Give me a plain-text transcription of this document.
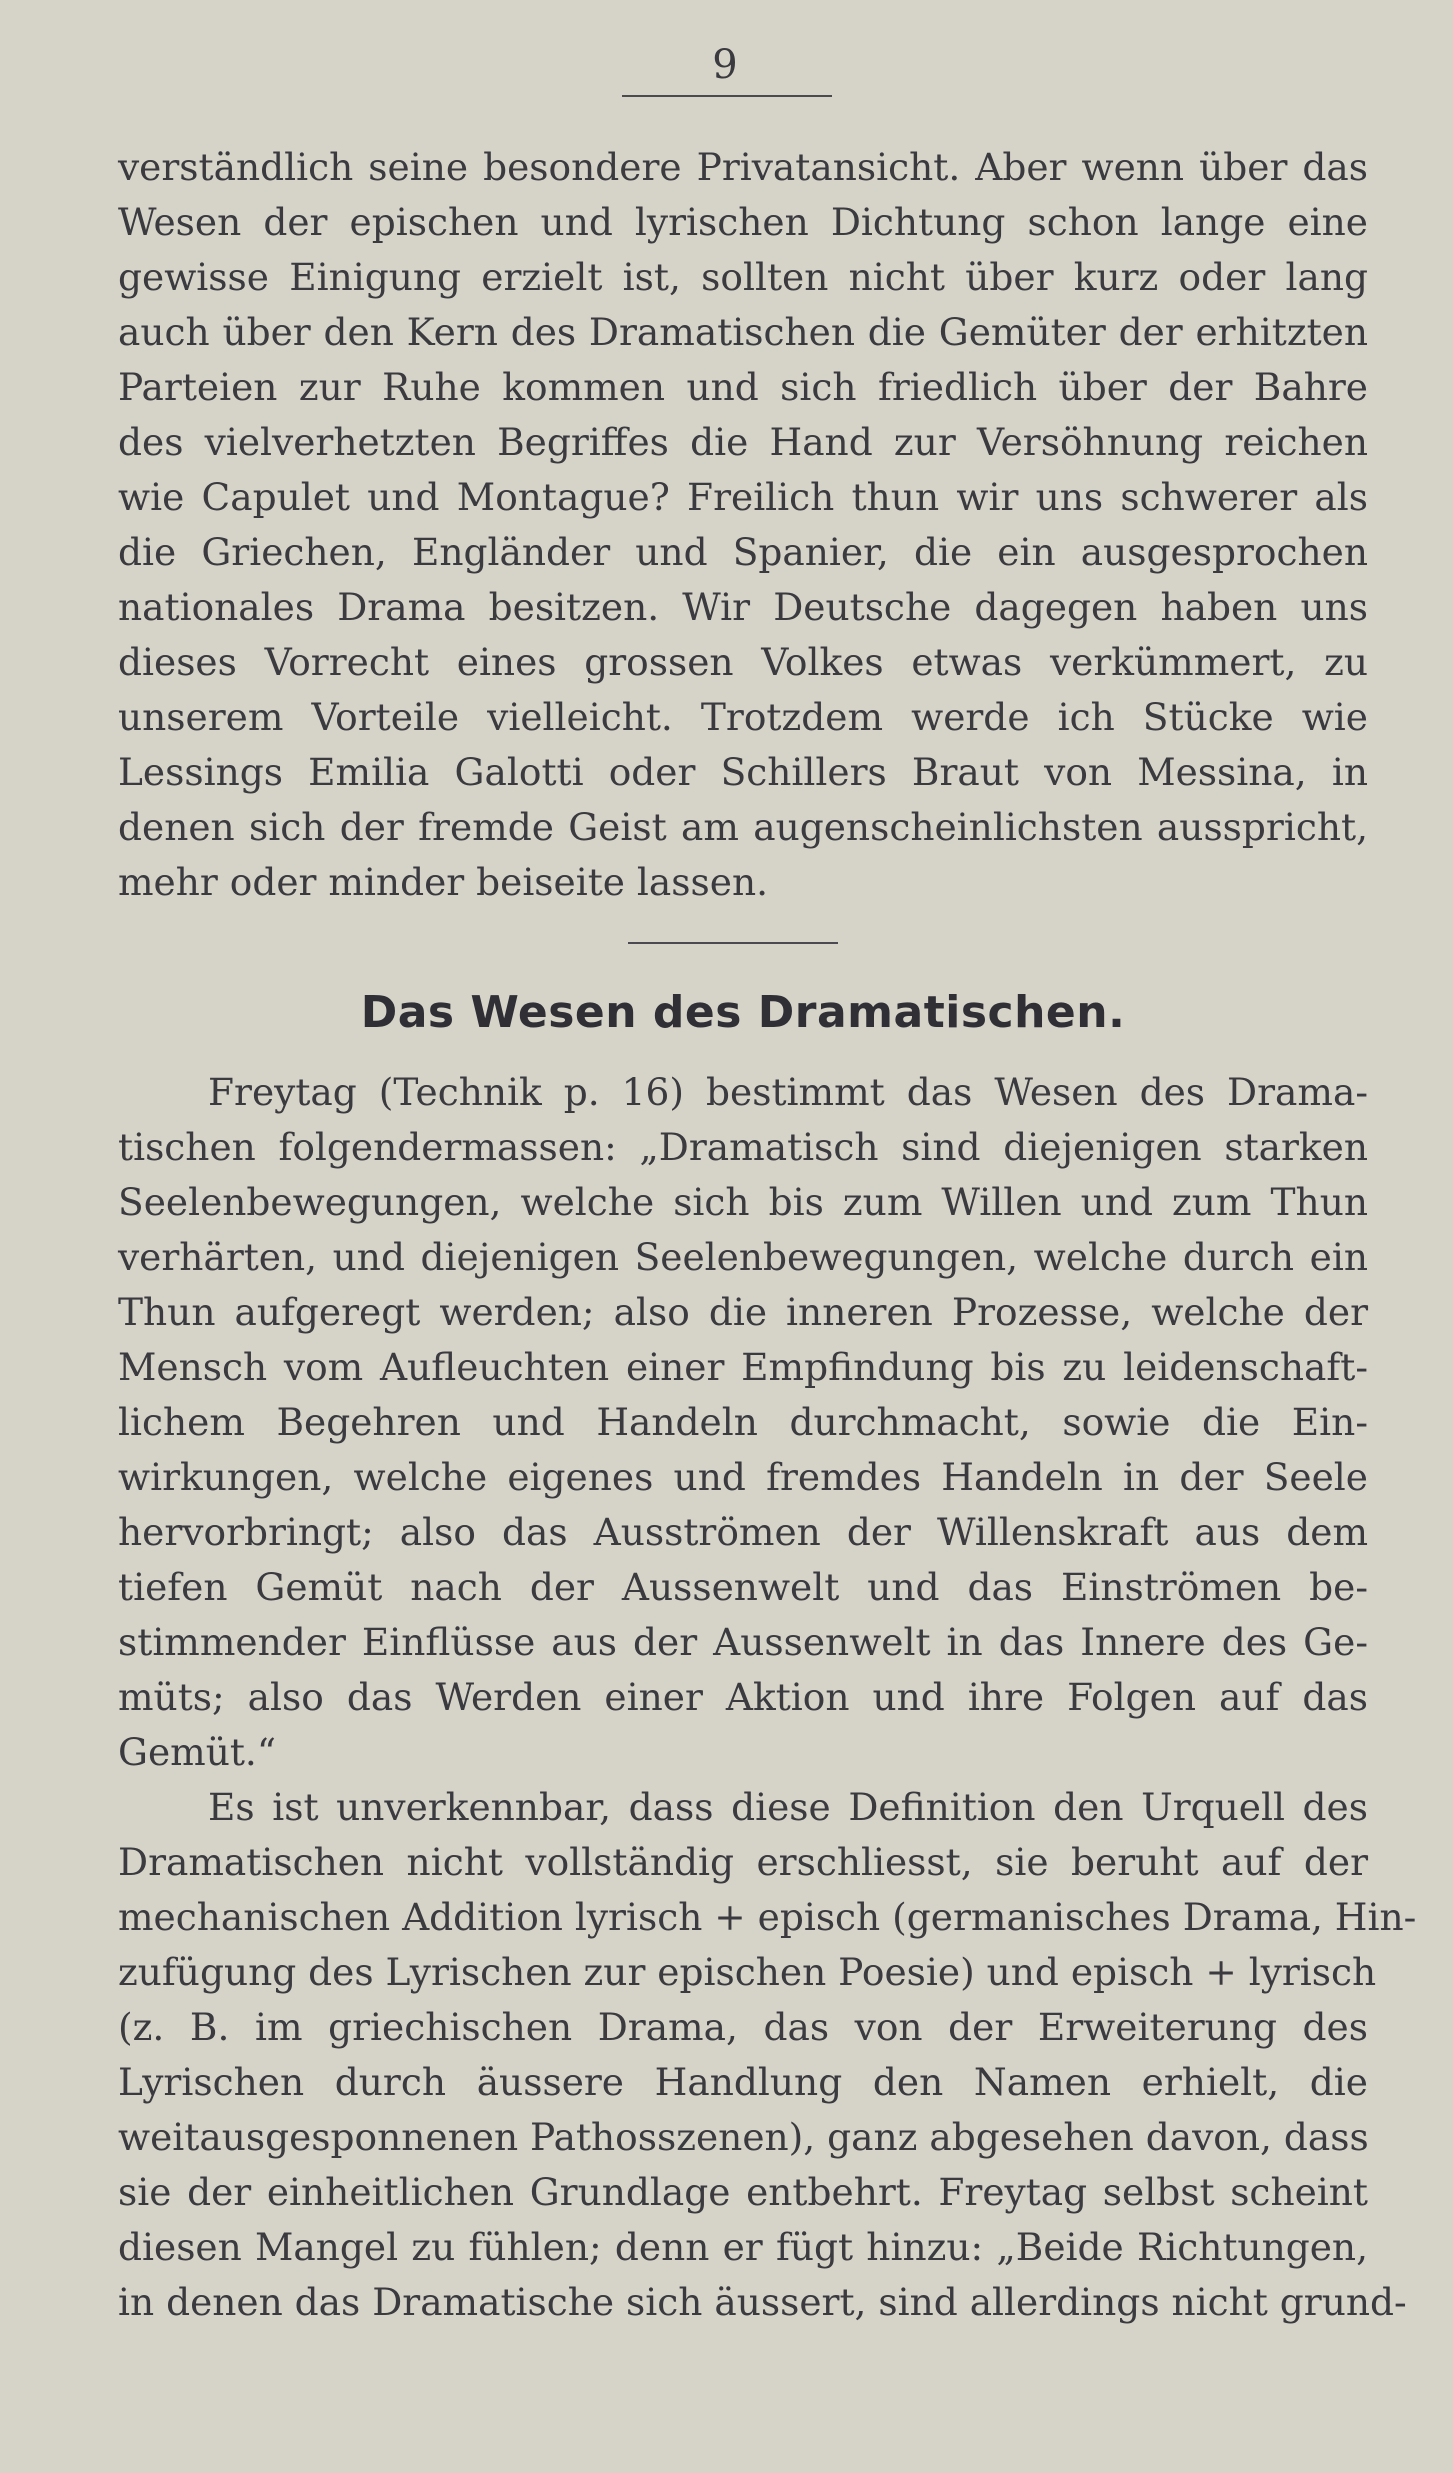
9
verständlich seine besondere Privatansicht. Aber wenn über das
Wesen der epischen und lyrischen Dichtung schon lange eine
gewisse Einigung erzielt ist, sollten nicht über kurz oder lang
auch über den Kern des Dramatischen die Gemüter der erhitzten
Parteien zur Ruhe kommen und sich friedlich über der Bahre
des vielverhetzten Begriffes die Hand zur Versöhnung reichen
wie Capulet und Montague? Freilich thun wir uns schwerer als
die Griechen, Engländer und Spanier, die ein ausgesprochen
nationales Drama besitzen. Wir Deutsche dagegen haben uns
dieses Vorrecht eines grossen Volkes etwas verkümmert, zu
unserem Vorteile vielleicht. Trotzdem werde ich Stücke wie
Lessings Emilia Galotti oder Schillers Braut von Messina, in
denen sich der fremde Geist am augenscheinlichsten ausspricht,
mehr oder minder beiseite lassen.
Das Wesen des Dramatischen.
Freytag (Technik p. 16) bestimmt das Wesen des Drama-
tischen folgendermassen: „Dramatisch sind diejenigen starken
Seelenbewegungen, welche sich bis zum Willen und zum Thun
verhärten, und diejenigen Seelenbewegungen, welche durch ein
Thun aufgeregt werden; also die inneren Prozesse, welche der
Mensch vom Aufleuchten einer Empfindung bis zu leidenschaft-
lichem Begehren und Handeln durchmacht, sowie die Ein-
wirkungen, welche eigenes und fremdes Handeln in der Seele
hervorbringt; also das Ausströmen der Willenskraft aus dem
tiefen Gemüt nach der Aussenwelt und das Einströmen be-
stimmender Einflüsse aus der Aussenwelt in das Innere des Ge-
müts; also das Werden einer Aktion und ihre Folgen auf das
Gemüt.“
Es ist unverkennbar, dass diese Definition den Urquell des
Dramatischen nicht vollständig erschliesst, sie beruht auf der
mechanischen Addition lyrisch + episch (germanisches Drama, Hin-
zufügung des Lyrischen zur epischen Poesie) und episch + lyrisch
(z. B. im griechischen Drama, das von der Erweiterung des
Lyrischen durch äussere Handlung den Namen erhielt, die
weitausgesponnenen Pathosszenen), ganz abgesehen davon, dass
sie der einheitlichen Grundlage entbehrt. Freytag selbst scheint
diesen Mangel zu fühlen; denn er fügt hinzu: „Beide Richtungen,
in denen das Dramatische sich äussert, sind allerdings nicht grund-
